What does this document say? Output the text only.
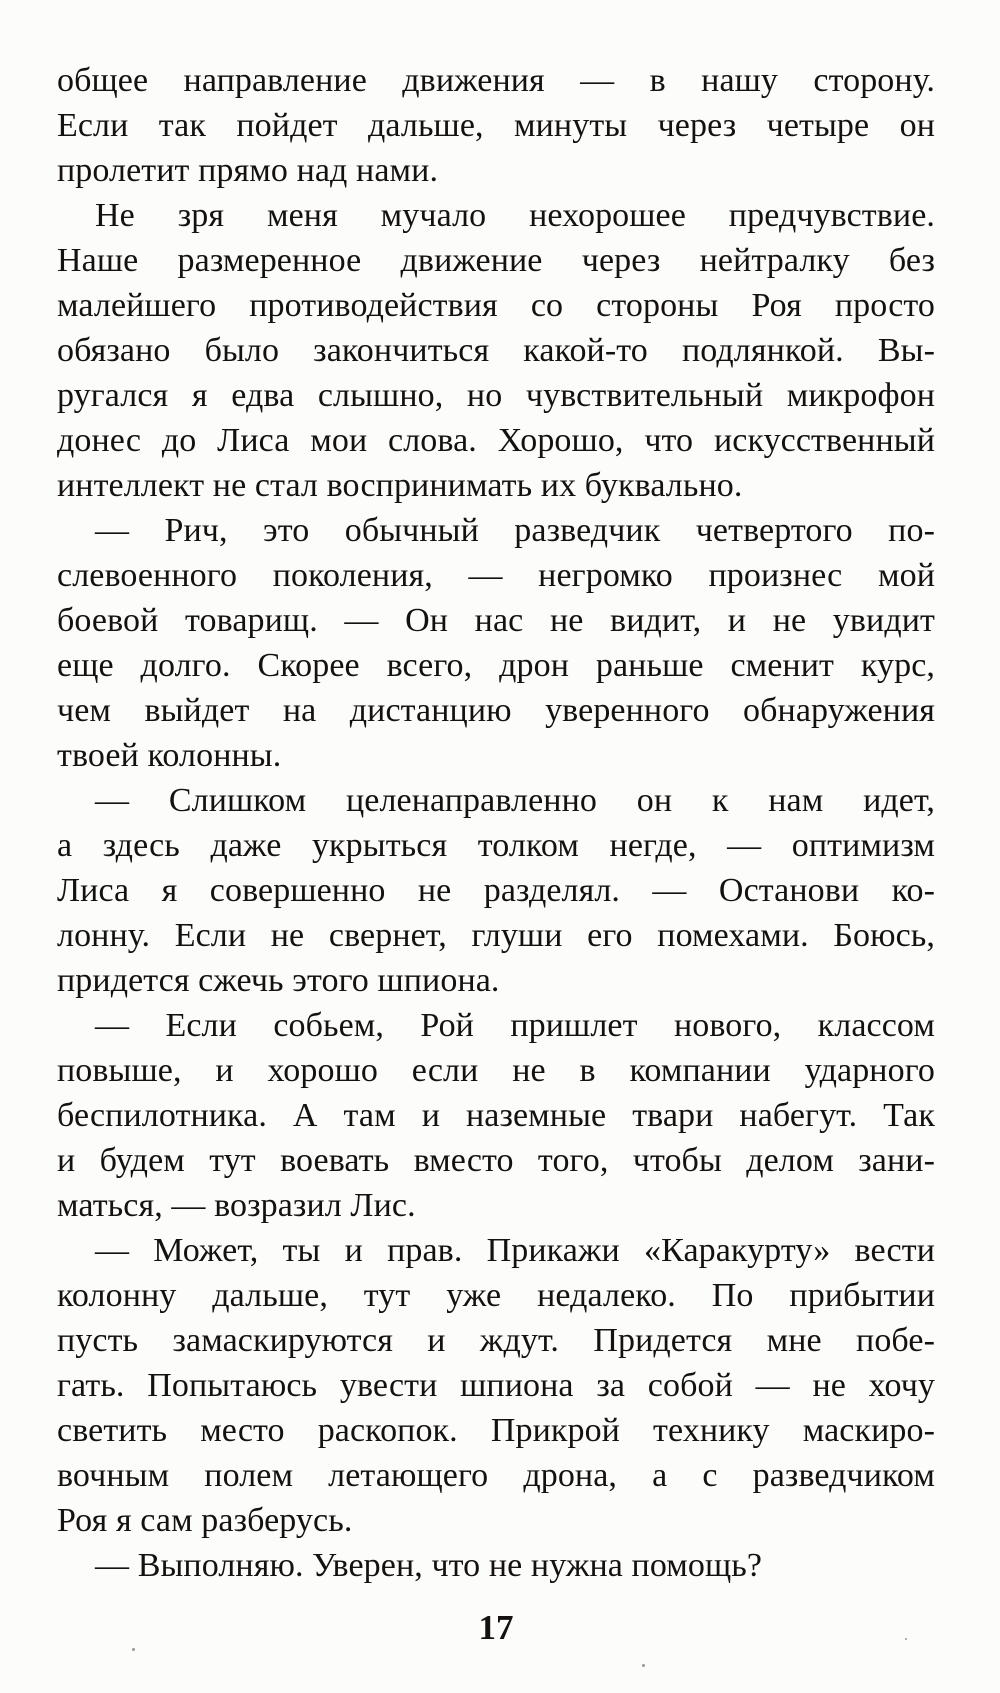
общее направление движения — в нашу сторону.
Если так пойдет дальше, минуты через четыре он
пролетит прямо над нами.

Не зря меня мучало нехорошее предчувствие.
Наше размеренное движение через нейтралку без
малейшего противодействия со стороны Роя просто
обязано было закончиться какой-то подлянкой. Вы-
ругался я едва слышно, но чувствительный микрофон
донес до Лиса мои слова. Хорошо, что искусственный
интеллект не стал воспринимать их буквально.

— Рич, это обычный разведчик четвертого по-
слевоенного поколения, — негромко произнес мой
боевой товарищ. — Он нас не видит, и не увидит
еще долго. Скорее всего, дрон раньше сменит курс,
чем выйдет на дистанцию уверенного обнаружения
твоей колонны.

— Слишком целенаправленно он к нам идет,
а здесь даже укрыться толком негде, — оптимизм
Лиса я совершенно не разделял. — Останови ко-
лонну. Если не свернет, глуши его помехами. Боюсь,
придется сжечь этого шпиона.

— Если собьем, Рой пришлет нового, классом
повыше, и хорошо если не в компании ударного
беспилотника. А там и наземные твари набегут. Так
и будем тут воевать вместо того, чтобы делом зани-
маться, — возразил Лис.

— Может, ты и прав. Прикажи «Каракурту» вести
колонну дальше, тут уже недалеко. По прибытии
пусть замаскируются и ждут. Придется мне побе-
гать. Попытаюсь увести шпиона за собой — не хочу
светить место раскопок. Прикрой технику маскиро-
вочным полем летающего дрона, а с разведчиком
Роя я сам разберусь.

— Выполняю. Уверен, что не нужна помощь?

17
